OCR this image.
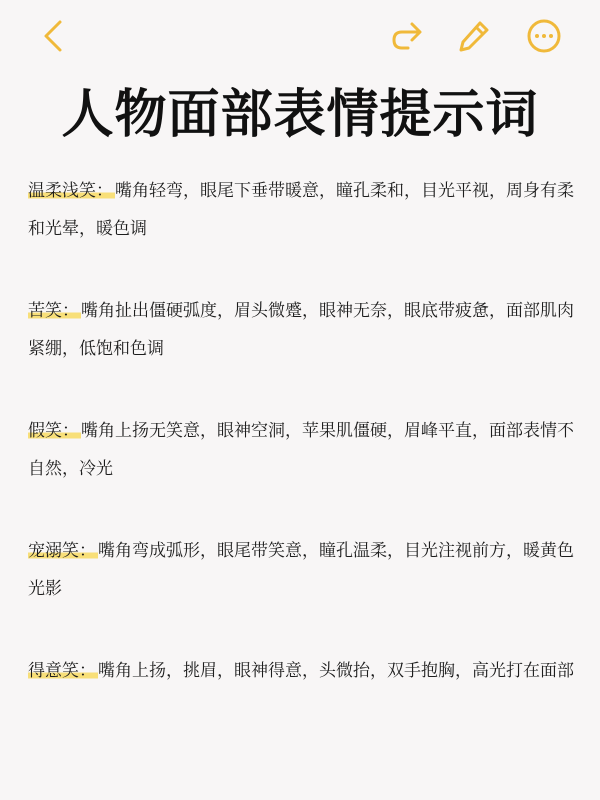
人物面部表情提示词
温柔浅笑： 嘴角轻弯，眼尾下垂带暖意，瞳孔柔和，目光平视，周身有柔和光晕，暖色调
苦笑： 嘴角扯出僵硬弧度，眉头微蹙，眼神无奈，眼底带疲惫，面部肌肉紧绷，低饱和色调
假笑： 嘴角上扬无笑意，眼神空洞，苹果肌僵硬，眉峰平直，面部表情不自然，冷光
宠溺笑： 嘴角弯成弧形，眼尾带笑意，瞳孔温柔，目光注视前方，暖黄色光影
得意笑： 嘴角上扬，挑眉，眼神得意，头微抬，双手抱胸，高光打在面部
